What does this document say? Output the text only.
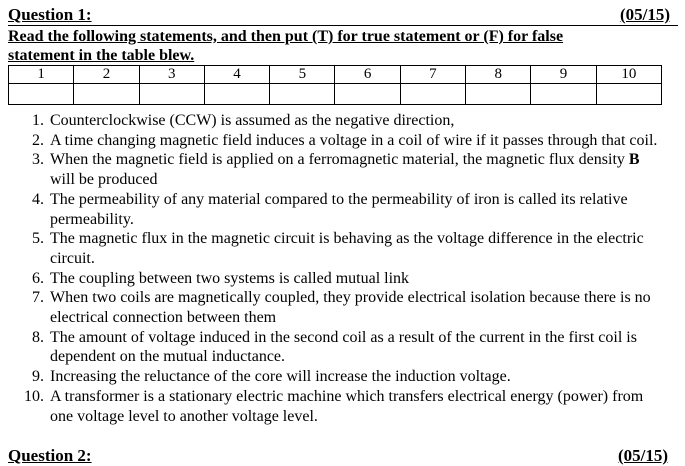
Question 1:	(05/15)
Read the following statements, and then put (T) for true statement or (F) for false statement in the table blew.
1	2	3	4	5	6	7	8	9	10

1. Counterclockwise (CCW) is assumed as the negative direction,
2. A time changing magnetic field induces a voltage in a coil of wire if it passes through that coil.
3. When the magnetic field is applied on a ferromagnetic material, the magnetic flux density B will be produced
4. The permeability of any material compared to the permeability of iron is called its relative permeability.
5. The magnetic flux in the magnetic circuit is behaving as the voltage difference in the electric circuit.
6. The coupling between two systems is called mutual link
7. When two coils are magnetically coupled, they provide electrical isolation because there is no electrical connection between them
8. The amount of voltage induced in the second coil as a result of the current in the first coil is dependent on the mutual inductance.
9. Increasing the reluctance of the core will increase the induction voltage.
10. A transformer is a stationary electric machine which transfers electrical energy (power) from one voltage level to another voltage level.
Question 2:	(05/15)
